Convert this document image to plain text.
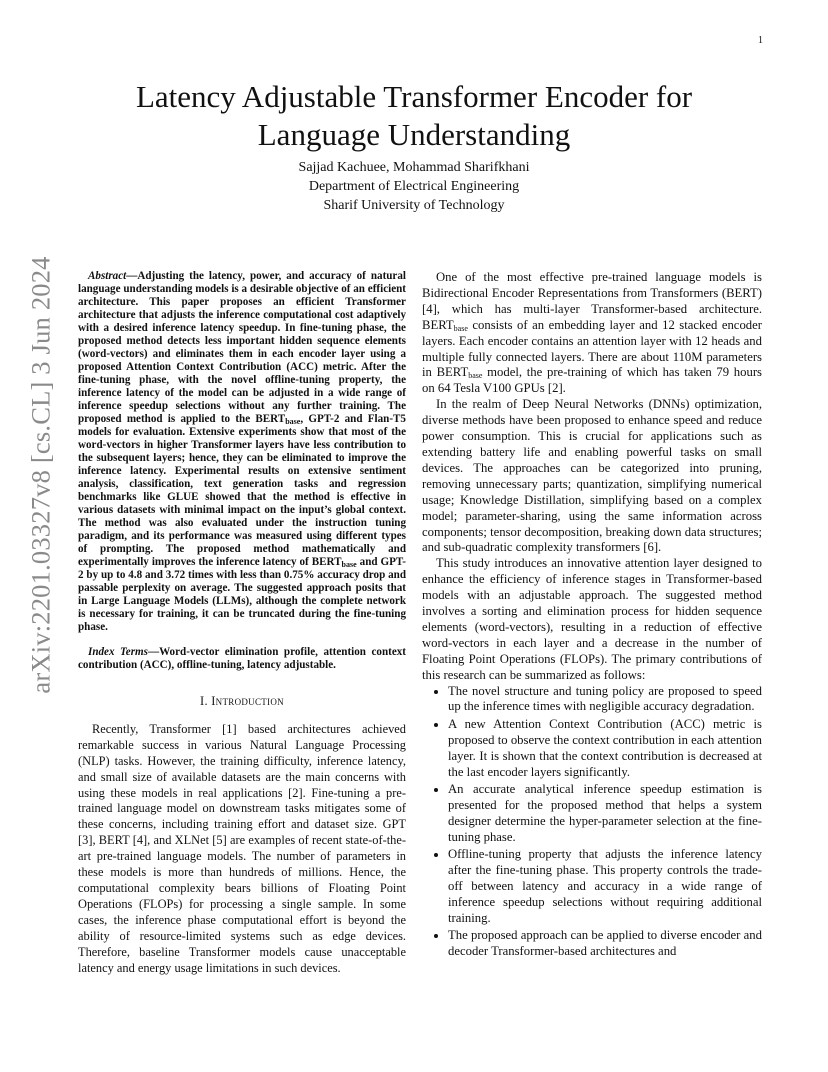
1
arXiv:2201.03327v8 [cs.CL] 3 Jun 2024
Latency Adjustable Transformer Encoder for
Language Understanding
Sajjad Kachuee, Mohammad Sharifkhani
Department of Electrical Engineering
Sharif University of Technology

Abstract—Adjusting the latency, power, and accuracy of natural language understanding models is a desirable objective of an efficient architecture. This paper proposes an efficient Transformer architecture that adjusts the inference computational cost adaptively with a desired inference latency speedup. In fine-tuning phase, the proposed method detects less important hidden sequence elements (word-vectors) and eliminates them in each encoder layer using a proposed Attention Context Contribution (ACC) metric. After the fine-tuning phase, with the novel offline-tuning property, the inference latency of the model can be adjusted in a wide range of inference speedup selections without any further training. The proposed method is applied to the $BERT_{base}$, GPT-2 and Flan-T5 models for evaluation. Extensive experiments show that most of the word-vectors in higher Transformer layers have less contribution to the subsequent layers; hence, they can be eliminated to improve the inference latency. Experimental results on extensive sentiment analysis, classification, text generation tasks and regression benchmarks like GLUE showed that the method is effective in various datasets with minimal impact on the input’s global context. The method was also evaluated under the instruction tuning paradigm, and its performance was measured using different types of prompting. The proposed method mathematically and experimentally improves the inference latency of $BERT_{base}$ and GPT-2 by up to 4.8 and 3.72 times with less than 0.75% accuracy drop and passable perplexity on average. The suggested approach posits that in Large Language Models (LLMs), although the complete network is necessary for training, it can be truncated during the fine-tuning phase.

Index Terms—Word-vector elimination profile, attention context contribution (ACC), offline-tuning, latency adjustable.

I. Introduction

Recently, Transformer [1] based architectures achieved remarkable success in various Natural Language Processing (NLP) tasks. However, the training difficulty, inference latency, and small size of available datasets are the main concerns with using these models in real applications [2]. Fine-tuning a pre-trained language model on downstream tasks mitigates some of these concerns, including training effort and dataset size. GPT [3], BERT [4], and XLNet [5] are examples of recent state-of-the-art pre-trained language models. The number of parameters in these models is more than hundreds of millions. Hence, the computational complexity bears billions of Floating Point Operations (FLOPs) for processing a single sample. In some cases, the inference phase computational effort is beyond the ability of resource-limited systems such as edge devices. Therefore, baseline Transformer models cause unacceptable latency and energy usage limitations in such devices.

One of the most effective pre-trained language models is Bidirectional Encoder Representations from Transformers (BERT) [4], which has multi-layer Transformer-based architecture. $BERT_{base}$ consists of an embedding layer and 12 stacked encoder layers. Each encoder contains an attention layer with 12 heads and multiple fully connected layers. There are about 110M parameters in $BERT_{base}$ model, the pre-training of which has taken 79 hours on 64 Tesla V100 GPUs [2].

In the realm of Deep Neural Networks (DNNs) optimization, diverse methods have been proposed to enhance speed and reduce power consumption. This is crucial for applications such as extending battery life and enabling powerful tasks on small devices. The approaches can be categorized into pruning, removing unnecessary parts; quantization, simplifying numerical usage; Knowledge Distillation, simplifying based on a complex model; parameter-sharing, using the same information across components; tensor decomposition, breaking down data structures; and sub-quadratic complexity transformers [6].

This study introduces an innovative attention layer designed to enhance the efficiency of inference stages in Transformer-based models with an adjustable approach. The suggested method involves a sorting and elimination process for hidden sequence elements (word-vectors), resulting in a reduction of effective word-vectors in each layer and a decrease in the number of Floating Point Operations (FLOPs). The primary contributions of this research can be summarized as follows:

• The novel structure and tuning policy are proposed to speed up the inference times with negligible accuracy degradation.
• A new Attention Context Contribution (ACC) metric is proposed to observe the context contribution in each attention layer. It is shown that the context contribution is decreased at the last encoder layers significantly.
• An accurate analytical inference speedup estimation is presented for the proposed method that helps a system designer determine the hyper-parameter selection at the fine-tuning phase.
• Offline-tuning property that adjusts the inference latency after the fine-tuning phase. This property controls the trade-off between latency and accuracy in a wide range of inference speedup selections without requiring additional training.
• The proposed approach can be applied to diverse encoder and decoder Transformer-based architectures and
